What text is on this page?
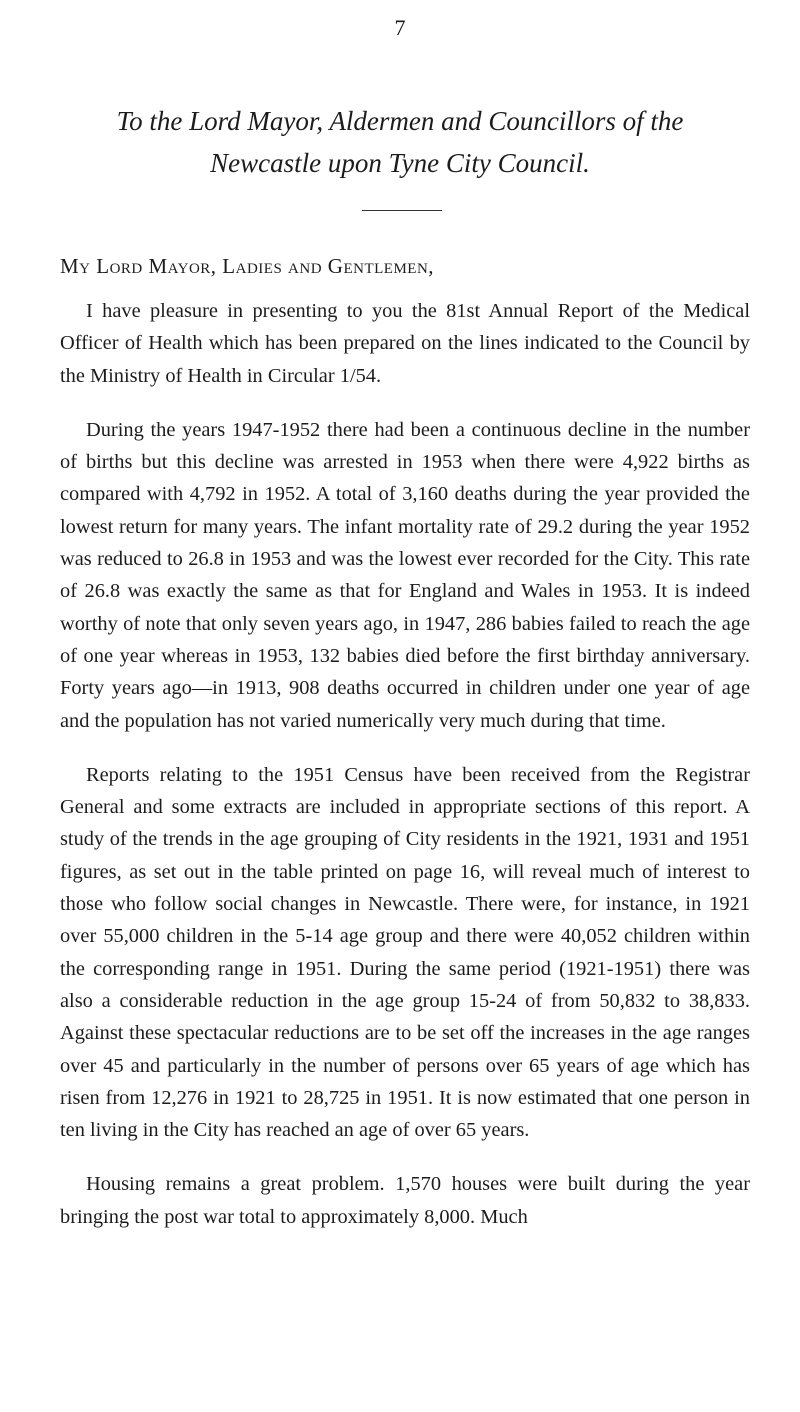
7
To the Lord Mayor, Aldermen and Councillors of the
Newcastle upon Tyne City Council.
My Lord Mayor, Ladies and Gentlemen,

I have pleasure in presenting to you the 81st Annual Report of the Medical Officer of Health which has been prepared on the lines indicated to the Council by the Ministry of Health in Circular 1/54.

During the years 1947-1952 there had been a continuous decline in the number of births but this decline was arrested in 1953 when there were 4,922 births as compared with 4,792 in 1952. A total of 3,160 deaths during the year provided the lowest return for many years. The infant mortality rate of 29.2 during the year 1952 was reduced to 26.8 in 1953 and was the lowest ever recorded for the City. This rate of 26.8 was exactly the same as that for England and Wales in 1953. It is indeed worthy of note that only seven years ago, in 1947, 286 babies failed to reach the age of one year whereas in 1953, 132 babies died before the first birthday anniversary. Forty years ago—in 1913, 908 deaths occurred in children under one year of age and the population has not varied numerically very much during that time.

Reports relating to the 1951 Census have been received from the Registrar General and some extracts are included in appropriate sections of this report. A study of the trends in the age grouping of City residents in the 1921, 1931 and 1951 figures, as set out in the table printed on page 16, will reveal much of interest to those who follow social changes in Newcastle. There were, for instance, in 1921 over 55,000 children in the 5-14 age group and there were 40,052 children within the corresponding range in 1951. During the same period (1921-1951) there was also a considerable reduction in the age group 15-24 of from 50,832 to 38,833. Against these spectacular reductions are to be set off the increases in the age ranges over 45 and particularly in the number of persons over 65 years of age which has risen from 12,276 in 1921 to 28,725 in 1951. It is now estimated that one person in ten living in the City has reached an age of over 65 years.

Housing remains a great problem. 1,570 houses were built during the year bringing the post war total to approximately 8,000. Much
